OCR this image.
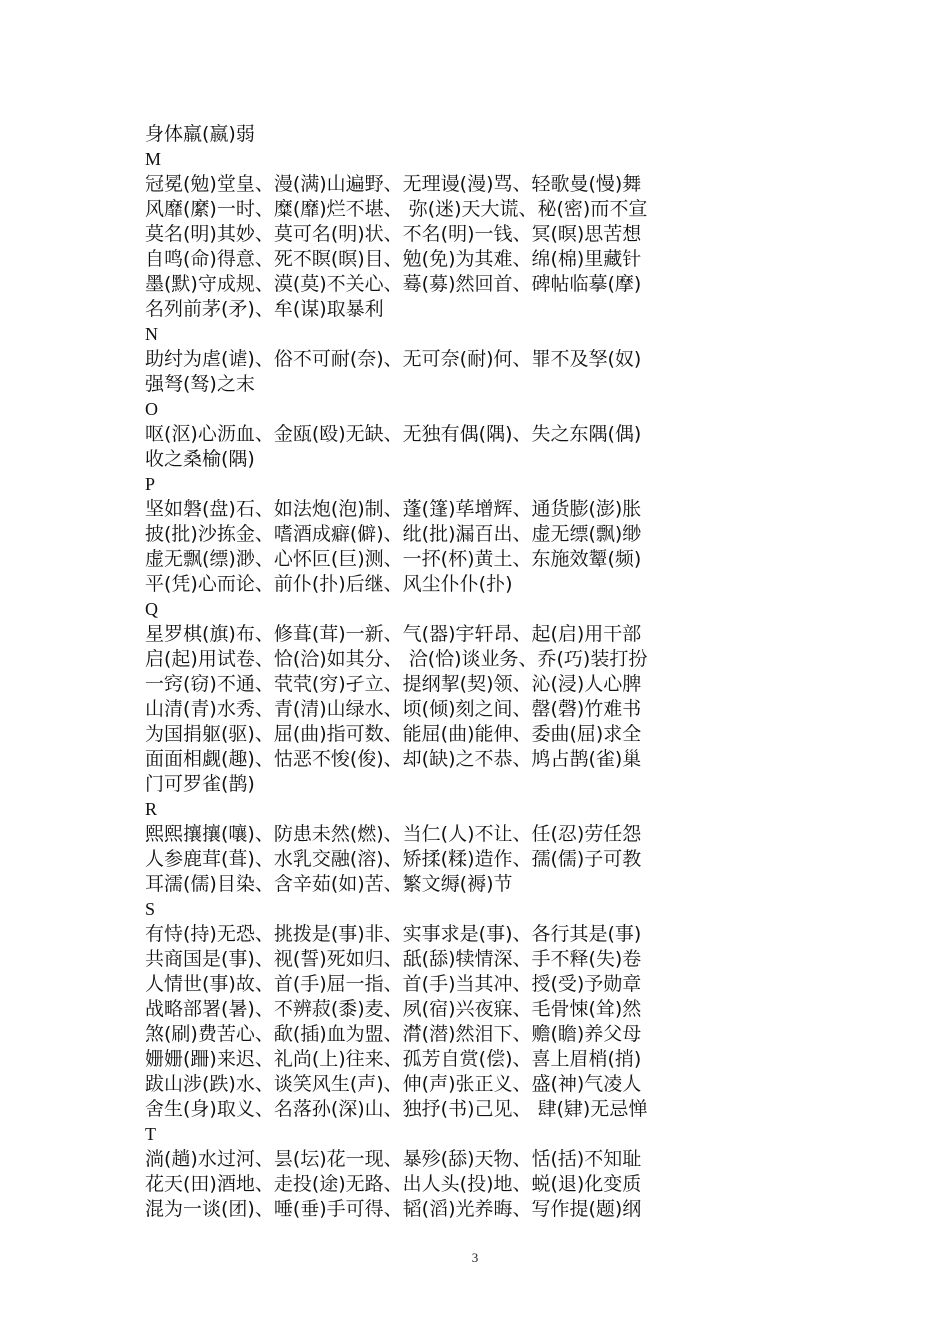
身体羸(嬴)弱
M
冠冕(勉)堂皇、漫(满)山遍野、无理谩(漫)骂、轻歌曼(慢)舞
风靡(縻)一时、糜(靡)烂不堪、 弥(迷)天大谎、秘(密)而不宣
莫名(明)其妙、莫可名(明)状、不名(明)一钱、冥(暝)思苦想
自鸣(命)得意、死不瞑(暝)目、勉(免)为其难、绵(棉)里藏针
墨(默)守成规、漠(莫)不关心、蓦(募)然回首、碑帖临摹(摩)
名列前茅(矛)、牟(谋)取暴利
N
助纣为虐(谑)、俗不可耐(奈)、无可奈(耐)何、罪不及孥(奴)
强弩(驽)之末
O
呕(沤)心沥血、金瓯(殴)无缺、无独有偶(隅)、失之东隅(偶)
收之桑榆(隅)
P
坚如磐(盘)石、如法炮(泡)制、蓬(篷)荜增辉、通货膨(澎)胀
披(批)沙拣金、嗜酒成癖(僻)、纰(批)漏百出、虚无缥(飘)缈
虚无飘(缥)渺、心怀叵(巨)测、一抔(杯)黄土、东施效颦(频)
平(凭)心而论、前仆(扑)后继、风尘仆仆(扑)
Q
星罗棋(旗)布、修葺(茸)一新、气(器)宇轩昂、起(启)用干部
启(起)用试卷、恰(洽)如其分、 洽(恰)谈业务、乔(巧)装打扮
一窍(窃)不通、茕茕(穷)孑立、提纲挈(契)领、沁(浸)人心脾
山清(青)水秀、青(清)山绿水、顷(倾)刻之间、罄(磬)竹难书
为国捐躯(驱)、屈(曲)指可数、能屈(曲)能伸、委曲(屈)求全
面面相觑(趣)、怙恶不悛(俊)、却(缺)之不恭、鸠占鹊(雀)巢
门可罗雀(鹊)
R
熙熙攘攘(嚷)、防患未然(燃)、当仁(人)不让、任(忍)劳任怨
人参鹿茸(葺)、水乳交融(溶)、矫揉(糅)造作、孺(儒)子可教
耳濡(儒)目染、含辛茹(如)苦、繁文缛(褥)节
S
有恃(持)无恐、挑拨是(事)非、实事求是(事)、各行其是(事)
共商国是(事)、视(誓)死如归、舐(舔)犊情深、手不释(失)卷
人情世(事)故、首(手)屈一指、首(手)当其冲、授(受)予勋章
战略部署(暑)、不辨菽(黍)麦、夙(宿)兴夜寐、毛骨悚(耸)然
煞(刷)费苦心、歃(插)血为盟、潸(潜)然泪下、赡(瞻)养父母
姗姗(跚)来迟、礼尚(上)往来、孤芳自赏(偿)、喜上眉梢(捎)
跋山涉(跌)水、谈笑风生(声)、伸(声)张正义、盛(神)气凌人
舍生(身)取义、名落孙(深)山、独抒(书)己见、 肆(肄)无忌惮
T
淌(趟)水过河、昙(坛)花一现、暴殄(舔)天物、恬(括)不知耻
花天(田)酒地、走投(途)无路、出人头(投)地、蜕(退)化变质
混为一谈(团)、唾(垂)手可得、韬(滔)光养晦、写作提(题)纲
3
